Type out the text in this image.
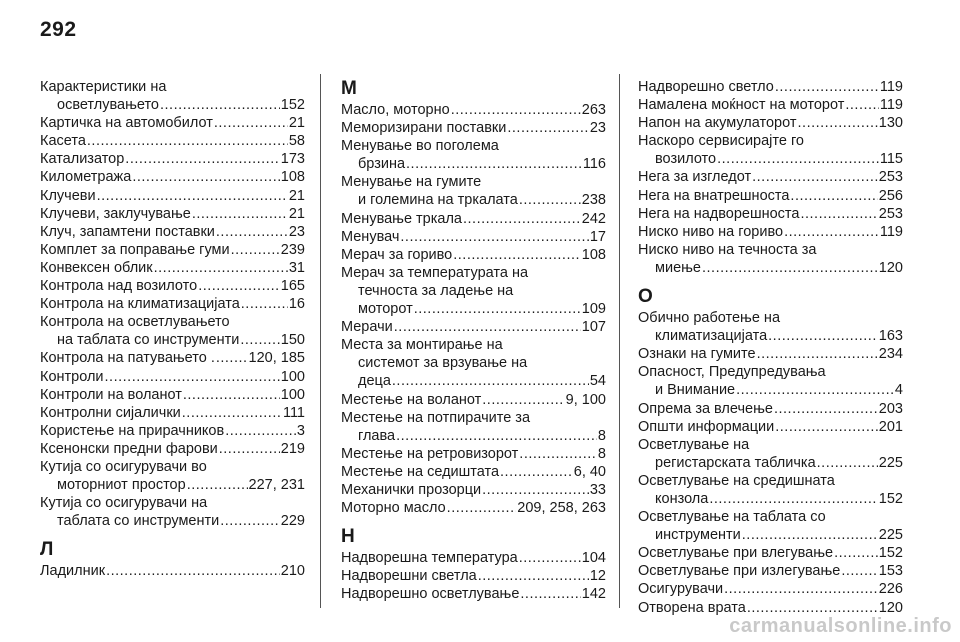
292
Карактеристики на
осветлувањето .....	152
Картичка на автомобилот .....	21
Касета .....	58
Катализатор .....	173
Километража .....	108
Клучеви .....	21
Клучеви, заклучување .....	21
Клуч, запамтени поставки .....	23
Комплет за поправање гуми .....	239
Конвексен облик .....	31
Контрола над возилото .....	165
Контрола на климатизацијата .....	16
Контрола на осветлувањето
на таблата со инструменти .....	150
Контрола на патувањето . ..... 120, 185
Контроли .....	100
Контроли на воланот .....	100
Контролни сијалички .....	111
Користење на прирачников .....	3
Ксенонски предни фарови .....	219
Кутија со осигурувачи во
моторниот простор .....	227, 231
Кутија со осигурувачи на
таблата со инструменти .....	229
Л
Ладилник .....	210
М
Масло, моторно .....	263
Меморизирани поставки .....	23
Менување во поголема
брзина .....	116
Менување на гумите
и големина на тркалата .....	238
Менување тркала .....	242
Менувач .....	17
Мерач за гориво .....	108
Мерач за температурата на
течноста за ладење на
моторот .....	109
Мерачи .....	107
Места за монтирање на
системот за врзување на
деца .....	54
Местење на воланот .....	9, 100
Местење на потпирачите за
глава .....	8
Местење на ретровизорот .....	8
Местење на седиштата .....	6, 40
Механички прозорци .....	33
Моторно масло .....	209, 258, 263
Н
Надворешна температура .....	104
Надворешни светла .....	12
Надворешно осветлување .....	142
Надворешно светло .....	119
Намалена моќност на моторот ..... 119
Напон на акумулаторот .....	130
Наскоро сервисирајте го
возилото .....	115
Нега за изгледот .....	253
Нега на внатрешноста .....	256
Нега на надворешноста .....	253
Ниско ниво на гориво .....	119
Ниско ниво на течноста за
миење .....	120
О
Обично работење на
климатизацијата .....	163
Ознаки на гумите .....	234
Опасност, Предупредувања
и Внимание .....	4
Опрема за влечење .....	203
Општи информации .....	201
Осветлување на
регистарската табличка .....	225
Осветлување на средишната
конзола .....	152
Осветлување на таблата со
инструменти .....	225
Осветлување при влегување .....	152
Осветлување при излегување .....	153
Осигурувачи .....	226
Отворена врата .....	120
carmanualsonline.info
